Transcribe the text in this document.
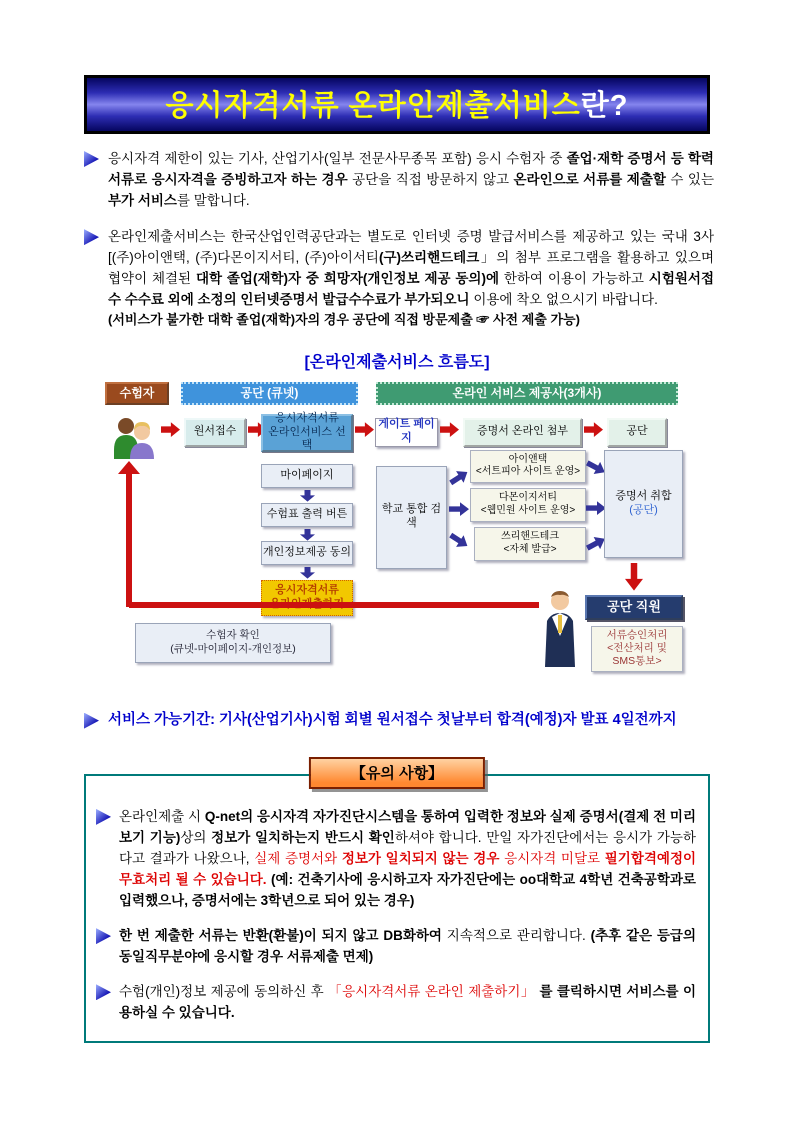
응시자격서류 온라인제출서비스란?
응시자격 제한이 있는 기사, 산업기사(일부 전문사무종목 포함) 응시 수험자 중 졸업·재학 증명서 등 학력서류로 응시자격을 증빙하고자 하는 경우 공단을 직접 방문하지 않고 온라인으로 서류를 제출할 수 있는 부가 서비스를 말합니다.
온라인제출서비스는 한국산업인력공단과는 별도로 인터넷 증명 발급서비스를 제공하고 있는 국내 3사[(주)아이앤택, (주)다몬이지서티, (주)아이서티(구)쓰리핸드테크」의 첨부 프로그램을 활용하고 있으며 협약이 체결된 대학 졸업(재학)자 중 희망자(개인정보 제공 동의)에 한하여 이용이 가능하고 시험원서접수 수수료 외에 소정의 인터넷증명서 발급수수료가 부가되오니 이용에 착오 없으시기 바랍니다.
(서비스가 불가한 대학 졸업(재학)자의 경우 공단에 직접 방문제출 ☞ 사전 제출 가능)
[온라인제출서비스 흐름도]
수험자	공단 (큐넷)	온라인 서비스 제공사(3개사)
원서접수
응시자격서류
온라인서비스 선택
게이트 페이지
증명서 온라인 첨부	공단
마이페이지
수험표 출력 버튼
개인정보제공 동의
응시자격서류

학교 통합 검색
아이앤택
<서트피아 사이트 운영>
다몬이지서티
<웹민원 사이트 운영>
쓰리핸드테크
<자체 발급>
증명서 취합
(공단)
공단 직원
서류승인처리
<전산처리 및
SMS통보>
수험자 확인
(큐넷-마이페이지-개인정보)
서비스 가능기간: 기사(산업기사)시험 회별 원서접수 첫날부터 합격(예정)자 발표 4일전까지
【유의 사항】
온라인제출 시 Q-net의 응시자격 자가진단시스템을 통하여 입력한 정보와 실제 증명서(결제 전 미리보기 기능)상의 정보가 일치하는지 반드시 확인하셔야 합니다. 만일 자가진단에서는 응시가 가능하다고 결과가 나왔으나, 실제 증명서와 정보가 일치되지 않는 경우 응시자격 미달로 필기합격예정이 무효처리 될 수 있습니다. (예: 건축기사에 응시하고자 자가진단에는 oo대학교 4학년 건축공학과로 입력했으나, 증명서에는 3학년으로 되어 있는 경우)
한 번 제출한 서류는 반환(환불)이 되지 않고 DB화하여 지속적으로 관리합니다. (추후 같은 등급의 동일직무분야에 응시할 경우 서류제출 면제)
수험(개인)정보 제공에 동의하신 후 「응시자격서류 온라인 제출하기」 를 클릭하시면 서비스를 이용하실 수 있습니다.
